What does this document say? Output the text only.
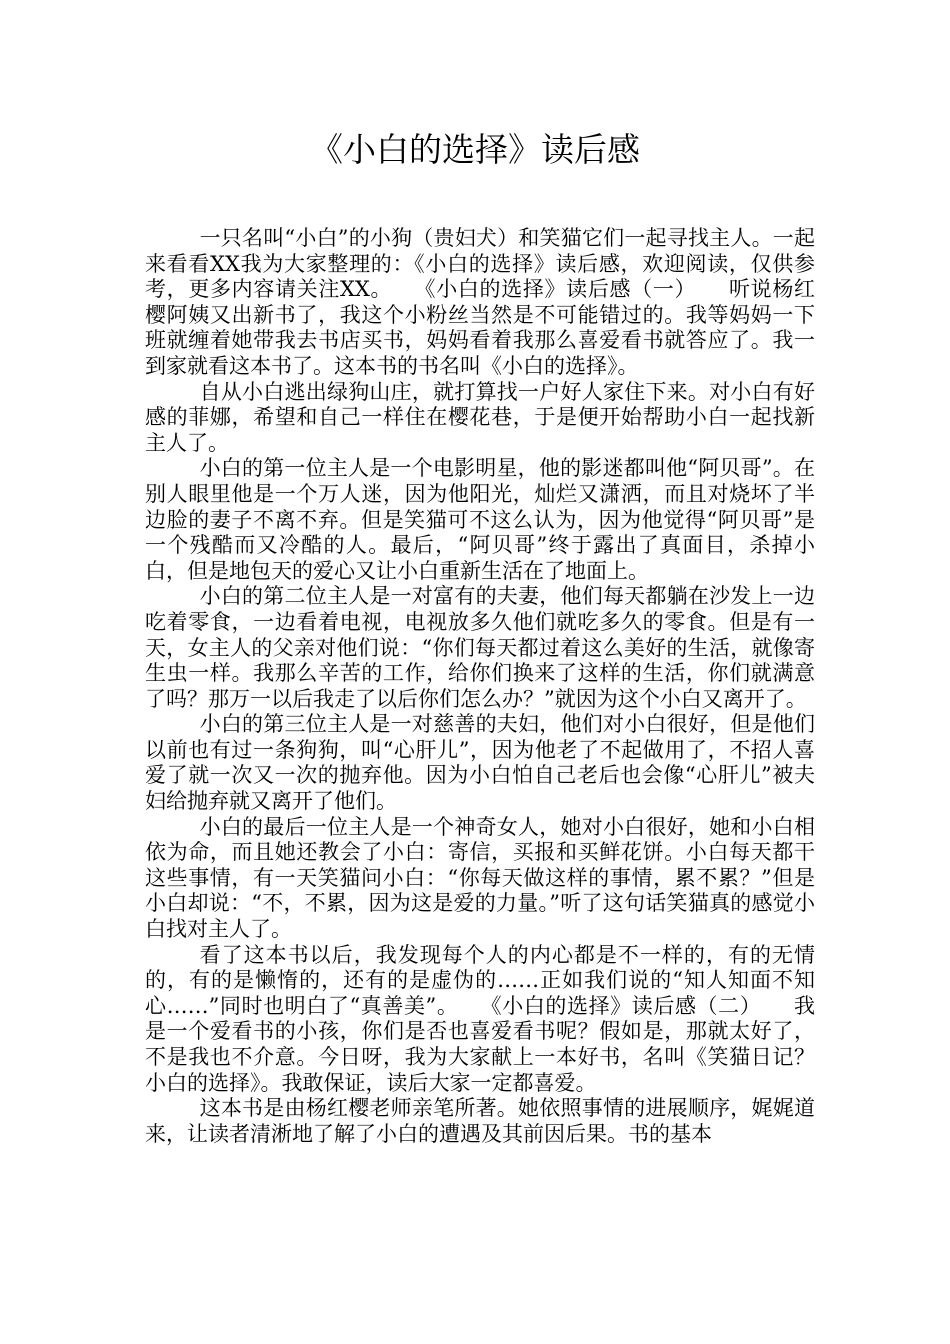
《小白的选择》读后感

一只名叫“小白”的小狗（贵妇犬）和笑猫它们一起寻找主人。一起来看看XX我为大家整理的：《小白的选择》读后感，欢迎阅读，仅供参考，更多内容请关注XX。　　《小白的选择》读后感（一）　　听说杨红樱阿姨又出新书了，我这个小粉丝当然是不可能错过的。我等妈妈一下班就缠着她带我去书店买书，妈妈看着我那么喜爱看书就答应了。我一到家就看这本书了。这本书的书名叫《小白的选择》。

自从小白逃出绿狗山庄，就打算找一户好人家住下来。对小白有好感的菲娜，希望和自己一样住在樱花巷，于是便开始帮助小白一起找新主人了。

小白的第一位主人是一个电影明星，他的影迷都叫他“阿贝哥”。在别人眼里他是一个万人迷，因为他阳光，灿烂又潇洒，而且对烧坏了半边脸的妻子不离不弃。但是笑猫可不这么认为，因为他觉得“阿贝哥”是一个残酷而又冷酷的人。最后，“阿贝哥”终于露出了真面目，杀掉小白，但是地包天的爱心又让小白重新生活在了地面上。

小白的第二位主人是一对富有的夫妻，他们每天都躺在沙发上一边吃着零食，一边看着电视，电视放多久他们就吃多久的零食。但是有一天，女主人的父亲对他们说：“你们每天都过着这么美好的生活，就像寄生虫一样。我那么辛苦的工作，给你们换来了这样的生活，你们就满意了吗？那万一以后我走了以后你们怎么办？”就因为这个小白又离开了。

小白的第三位主人是一对慈善的夫妇，他们对小白很好，但是他们以前也有过一条狗狗，叫“心肝儿”，因为他老了不起做用了，不招人喜爱了就一次又一次的抛弃他。因为小白怕自己老后也会像“心肝儿”被夫妇给抛弃就又离开了他们。

小白的最后一位主人是一个神奇女人，她对小白很好，她和小白相依为命，而且她还教会了小白：寄信，买报和买鲜花饼。小白每天都干这些事情，有一天笑猫问小白：“你每天做这样的事情，累不累？”但是小白却说：“不，不累，因为这是爱的力量。”听了这句话笑猫真的感觉小白找对主人了。

看了这本书以后，我发现每个人的内心都是不一样的，有的无情的，有的是懒惰的，还有的是虚伪的……正如我们说的“知人知面不知心……”同时也明白了“真善美”。　　《小白的选择》读后感（二）　　我是一个爱看书的小孩，你们是否也喜爱看书呢？假如是，那就太好了，不是我也不介意。今日呀，我为大家献上一本好书，名叫《笑猫日记？小白的选择》。我敢保证，读后大家一定都喜爱。

这本书是由杨红樱老师亲笔所著。她依照事情的进展顺序，娓娓道来，让读者清淅地了解了小白的遭遇及其前因后果。书的基本
